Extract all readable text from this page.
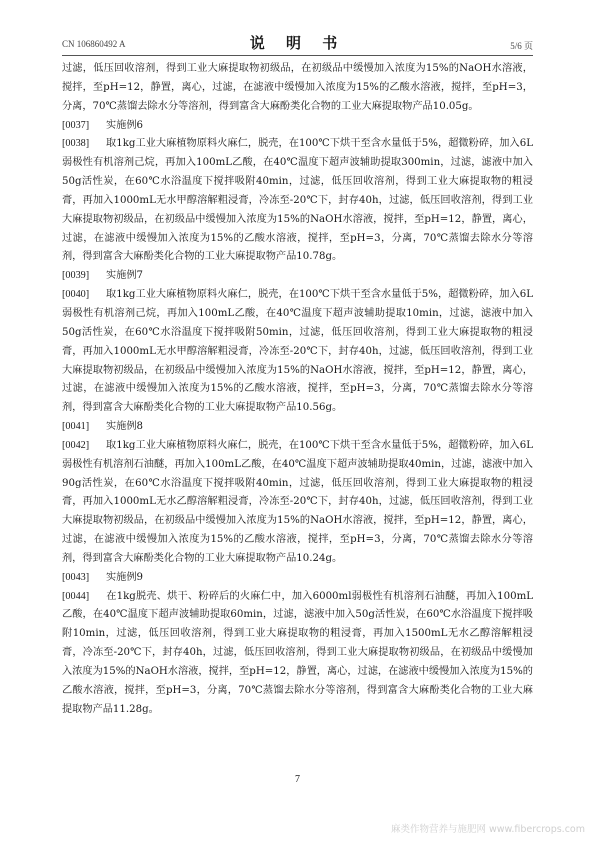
CN 106860492 A	说 明 书	5/6 页

过滤，低压回收溶剂，得到工业大麻提取物初级品，在初级品中缓慢加入浓度为15%的NaOH水溶液，搅拌，至pH=12，静置，离心，过滤，在滤液中缓慢加入浓度为15%的乙酸水溶液，搅拌，至pH=3，分离，70℃蒸馏去除水分等溶剂，得到富含大麻酚类化合物的工业大麻提取物产品10.05g。

[0037] 实施例6

[0038] 取1kg工业大麻植物原料火麻仁，脱壳，在100℃下烘干至含水量低于5%，超微粉碎，加入6L弱极性有机溶剂己烷，再加入100mL乙酸，在40℃温度下超声波辅助提取300min，过滤，滤液中加入50g活性炭，在60℃水浴温度下搅拌吸附40min，过滤，低压回收溶剂，得到工业大麻提取物的粗浸膏，再加入1000mL无水甲醇溶解粗浸膏，冷冻至-20℃下，封存40h，过滤，低压回收溶剂，得到工业大麻提取物初级品，在初级品中缓慢加入浓度为15%的NaOH水溶液，搅拌，至pH=12，静置，离心，过滤，在滤液中缓慢加入浓度为15%的乙酸水溶液，搅拌，至pH=3，分离，70℃蒸馏去除水分等溶剂，得到富含大麻酚类化合物的工业大麻提取物产品10.78g。

[0039] 实施例7

[0040] 取1kg工业大麻植物原料火麻仁，脱壳，在100℃下烘干至含水量低于5%，超微粉碎，加入6L弱极性有机溶剂己烷，再加入100mL乙酸，在40℃温度下超声波辅助提取10min，过滤，滤液中加入50g活性炭，在60℃水浴温度下搅拌吸附50min，过滤，低压回收溶剂，得到工业大麻提取物的粗浸膏，再加入1000mL无水甲醇溶解粗浸膏，冷冻至-20℃下，封存40h，过滤，低压回收溶剂，得到工业大麻提取物初级品，在初级品中缓慢加入浓度为15%的NaOH水溶液，搅拌，至pH=12，静置，离心，过滤，在滤液中缓慢加入浓度为15%的乙酸水溶液，搅拌，至pH=3，分离，70℃蒸馏去除水分等溶剂，得到富含大麻酚类化合物的工业大麻提取物产品10.56g。

[0041] 实施例8

[0042] 取1kg工业大麻植物原料火麻仁，脱壳，在100℃下烘干至含水量低于5%，超微粉碎，加入6L弱极性有机溶剂石油醚，再加入100mL乙酸，在40℃温度下超声波辅助提取40min，过滤，滤液中加入90g活性炭，在60℃水浴温度下搅拌吸附40min，过滤，低压回收溶剂，得到工业大麻提取物的粗浸膏，再加入1000mL无水乙醇溶解粗浸膏，冷冻至-20℃下，封存40h，过滤，低压回收溶剂，得到工业大麻提取物初级品，在初级品中缓慢加入浓度为15%的NaOH水溶液，搅拌，至pH=12，静置，离心，过滤，在滤液中缓慢加入浓度为15%的乙酸水溶液，搅拌，至pH=3，分离，70℃蒸馏去除水分等溶剂，得到富含大麻酚类化合物的工业大麻提取物产品10.24g。

[0043] 实施例9

[0044] 在1kg脱壳、烘干、粉碎后的火麻仁中，加入6000ml弱极性有机溶剂石油醚，再加入100mL乙酸，在40℃温度下超声波辅助提取60min，过滤，滤液中加入50g活性炭，在60℃水浴温度下搅拌吸附10min，过滤，低压回收溶剂，得到工业大麻提取物的粗浸膏，再加入1500mL无水乙醇溶解粗浸膏，冷冻至-20℃下，封存40h，过滤，低压回收溶剂，得到工业大麻提取物初级品，在初级品中缓慢加入浓度为15%的NaOH水溶液，搅拌，至pH=12，静置，离心，过滤，在滤液中缓慢加入浓度为15%的乙酸水溶液，搅拌，至pH=3，分离，70℃蒸馏去除水分等溶剂，得到富含大麻酚类化合物的工业大麻提取物产品11.28g。

7
麻类作物营养与施肥网 www.fibercrops.com
